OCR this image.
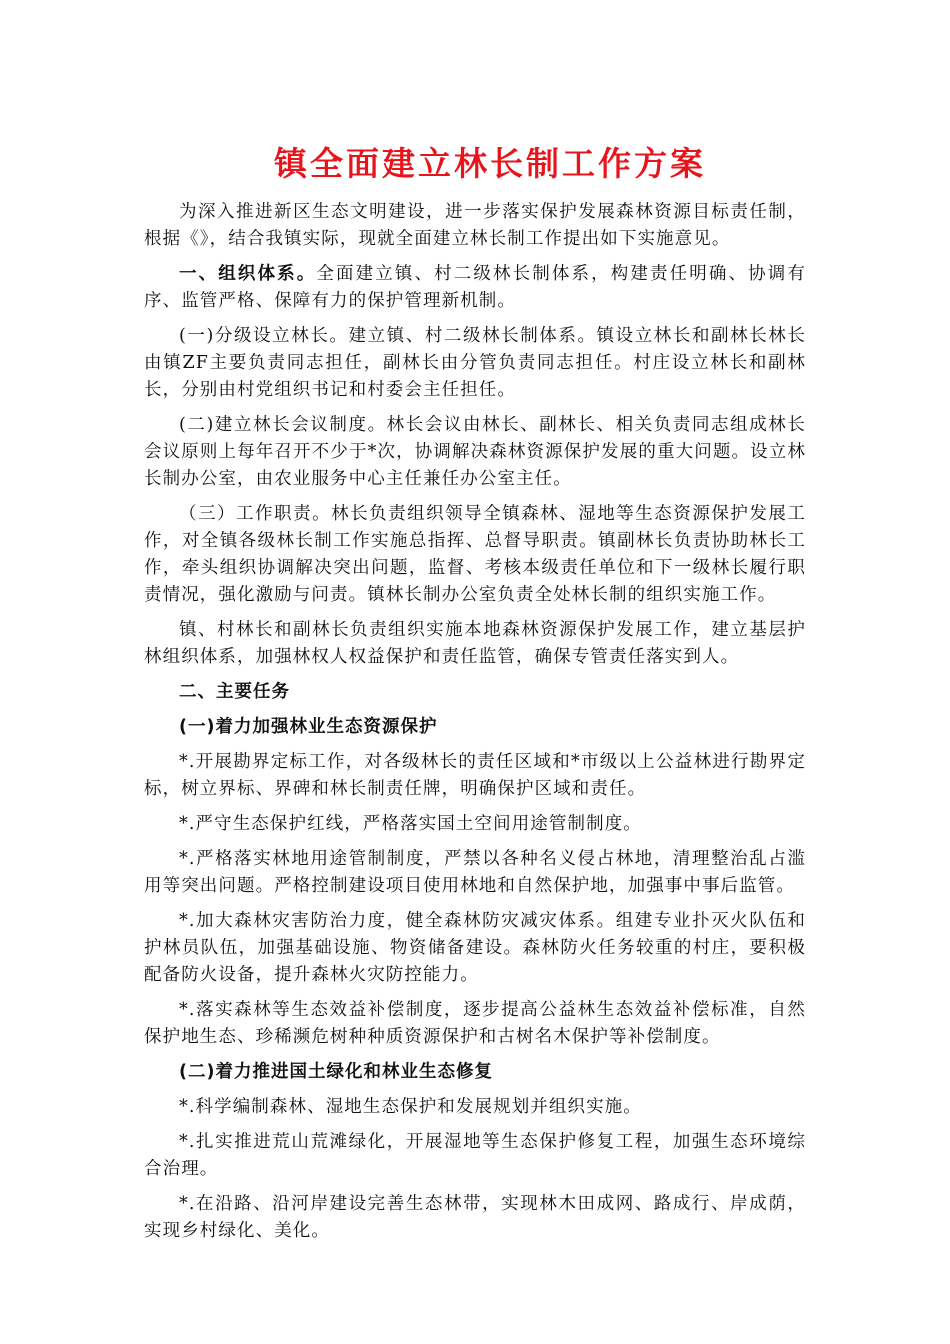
镇全面建立林长制工作方案

为深入推进新区生态文明建设，进一步落实保护发展森林资源目标责任制，根据《》，结合我镇实际，现就全面建立林长制工作提出如下实施意见。

一、组织体系。全面建立镇、村二级林长制体系，构建责任明确、协调有序、监管严格、保障有力的保护管理新机制。

(一)分级设立林长。建立镇、村二级林长制体系。镇设立林长和副林长林长由镇ZF主要负责同志担任，副林长由分管负责同志担任。村庄设立林长和副林长，分别由村党组织书记和村委会主任担任。

(二)建立林长会议制度。林长会议由林长、副林长、相关负责同志组成林长会议原则上每年召开不少于*次，协调解决森林资源保护发展的重大问题。设立林长制办公室，由农业服务中心主任兼任办公室主任。

（三）工作职责。林长负责组织领导全镇森林、湿地等生态资源保护发展工作，对全镇各级林长制工作实施总指挥、总督导职责。镇副林长负责协助林长工作，牵头组织协调解决突出问题，监督、考核本级责任单位和下一级林长履行职责情况，强化激励与问责。镇林长制办公室负责全处林长制的组织实施工作。

镇、村林长和副林长负责组织实施本地森林资源保护发展工作，建立基层护林组织体系，加强林权人权益保护和责任监管，确保专管责任落实到人。

二、主要任务

(一)着力加强林业生态资源保护

*.开展勘界定标工作，对各级林长的责任区域和*市级以上公益林进行勘界定标，树立界标、界碑和林长制责任牌，明确保护区域和责任。

*.严守生态保护红线，严格落实国土空间用途管制制度。

*.严格落实林地用途管制制度，严禁以各种名义侵占林地，清理整治乱占滥用等突出问题。严格控制建设项目使用林地和自然保护地，加强事中事后监管。

*.加大森林灾害防治力度，健全森林防灾减灾体系。组建专业扑灭火队伍和护林员队伍，加强基础设施、物资储备建设。森林防火任务较重的村庄，要积极配备防火设备，提升森林火灾防控能力。

*.落实森林等生态效益补偿制度，逐步提高公益林生态效益补偿标准，自然保护地生态、珍稀濒危树种种质资源保护和古树名木保护等补偿制度。

(二)着力推进国土绿化和林业生态修复

*.科学编制森林、湿地生态保护和发展规划并组织实施。

*.扎实推进荒山荒滩绿化，开展湿地等生态保护修复工程，加强生态环境综合治理。

*.在沿路、沿河岸建设完善生态林带，实现林木田成网、路成行、岸成荫，实现乡村绿化、美化。
